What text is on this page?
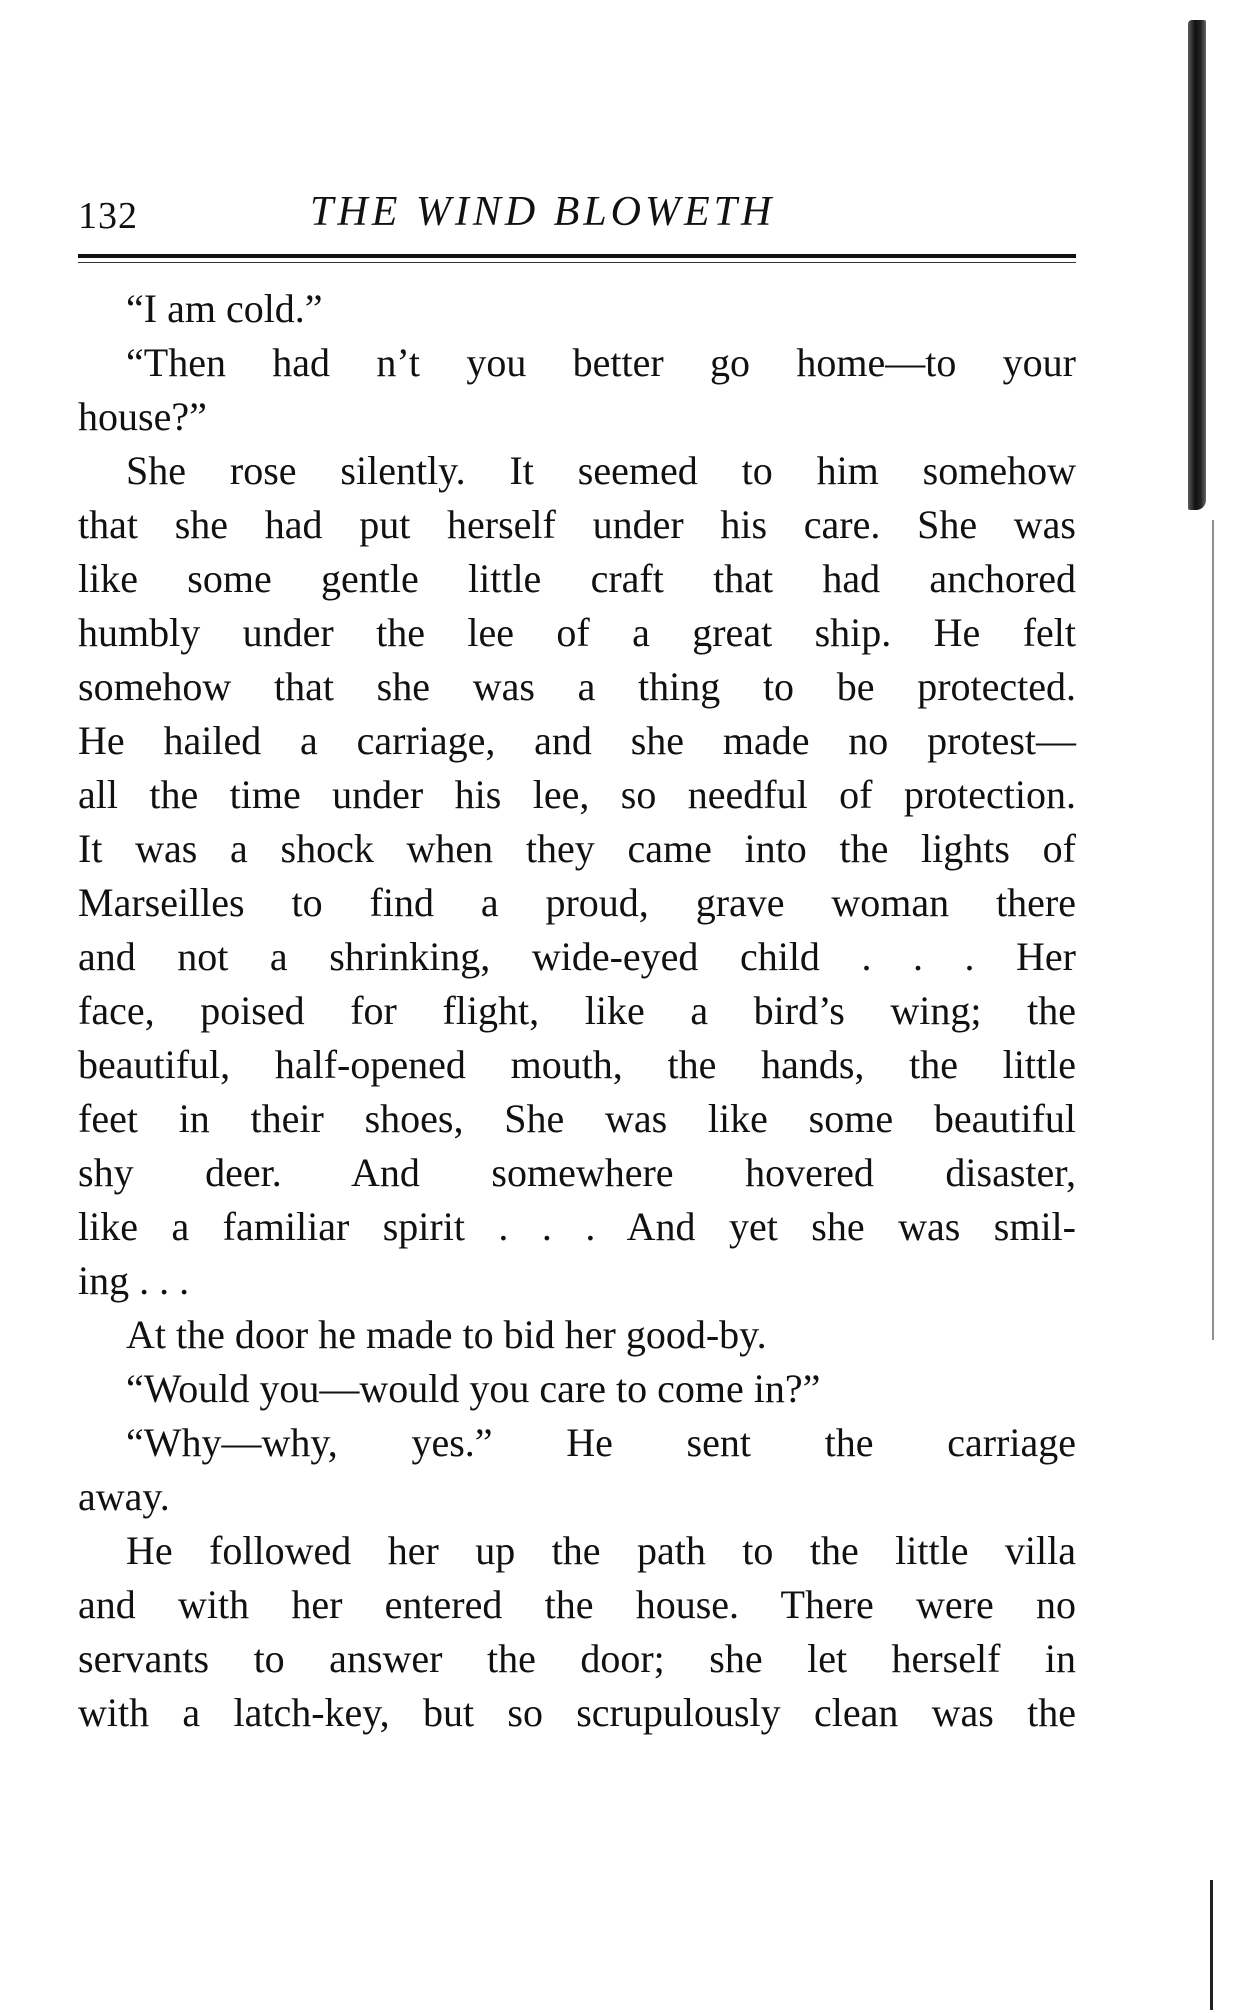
132	THE WIND BLOWETH
“I am cold.”
“Then had n’t you better go home—to your
house?”
She rose silently. It seemed to him somehow
that she had put herself under his care. She was
like some gentle little craft that had anchored
humbly under the lee of a great ship. He felt
somehow that she was a thing to be protected.
He hailed a carriage, and she made no protest—
all the time under his lee, so needful of protection.
It was a shock when they came into the lights of
Marseilles to find a proud, grave woman there
and not a shrinking, wide-eyed child . . . Her
face, poised for flight, like a bird’s wing; the
beautiful, half-opened mouth, the hands, the little
feet in their shoes, She was like some beautiful
shy deer. And somewhere hovered disaster,
like a familiar spirit . . . And yet she was smil-
ing . . .
At the door he made to bid her good-by.
“Would you—would you care to come in?”
“Why—why, yes.” He sent the carriage
away.
He followed her up the path to the little villa
and with her entered the house. There were no
servants to answer the door; she let herself in
with a latch-key, but so scrupulously clean was the
